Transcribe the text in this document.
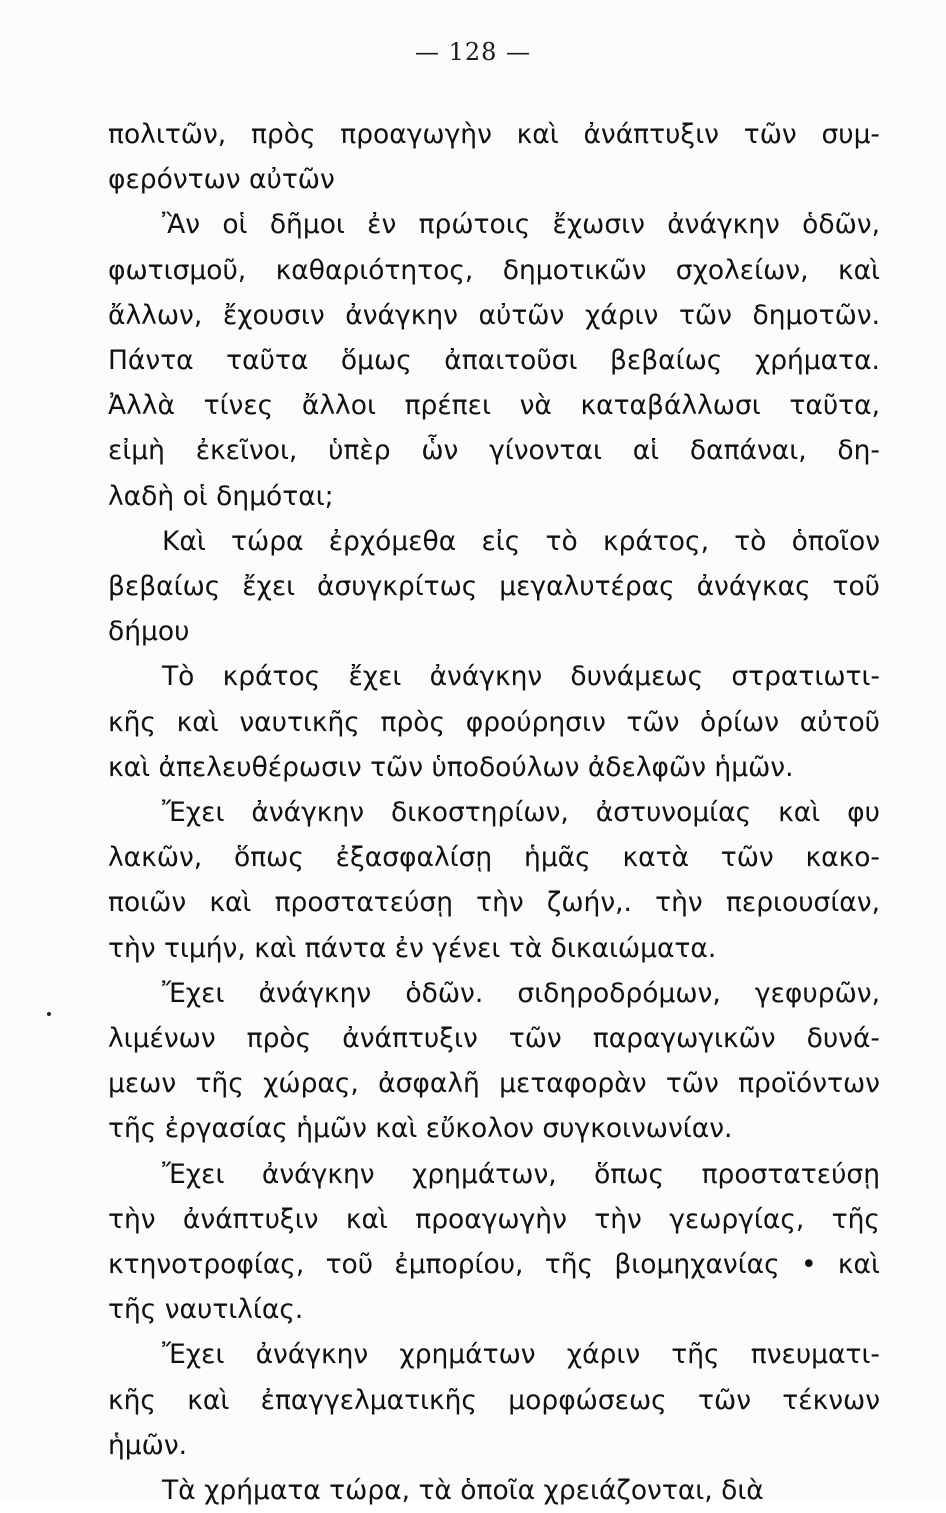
— 128 —
πολιτῶν, πρὸς προαγωγὴν καὶ ἀνάπτυξιν τῶν συμ-
φερόντων αὐτῶν
Ἂν οἱ δῆμοι ἐν πρώτοις ἔχωσιν ἀνάγκην ὁδῶν,
φωτισμοῦ, καθαριότητος, δημοτικῶν σχολείων, καὶ
ἄλλων, ἔχουσιν ἀνάγκην αὐτῶν χάριν τῶν δημοτῶν.
Πάντα ταῦτα ὅμως ἀπαιτοῦσι βεβαίως χρήματα.
Ἀλλὰ τίνες ἄλλοι πρέπει νὰ καταβάλλωσι ταῦτα,
εἰμὴ ἐκεῖνοι, ὑπὲρ ὧν γίνονται αἱ δαπάναι, δη-
λαδὴ οἱ δημόται;
Καὶ τώρα ἐρχόμεθα εἰς τὸ κράτος, τὸ ὁποῖον
βεβαίως ἔχει ἀσυγκρίτως μεγαλυτέρας ἀνάγκας τοῦ
δήμου
Τὸ κράτος ἔχει ἀνάγκην δυνάμεως στρατιωτι-
κῆς καὶ ναυτικῆς πρὸς φρούρησιν τῶν ὁρίων αὐτοῦ
καὶ ἀπελευθέρωσιν τῶν ὑποδούλων ἀδελφῶν ἡμῶν.
Ἔχει ἀνάγκην δικοστηρίων, ἀστυνομίας καὶ φυ
λακῶν, ὅπως ἐξασφαλίσῃ ἡμᾶς κατὰ τῶν κακο-
ποιῶν καὶ προστατεύσῃ τὴν ζωήν,. τὴν περιουσίαν,
τὴν τιμήν, καὶ πάντα ἐν γένει τὰ δικαιώματα.
Ἔχει ἀνάγκην ὁδῶν. σιδηροδρόμων, γεφυρῶν,
λιμένων πρὸς ἀνάπτυξιν τῶν παραγωγικῶν δυνά-
μεων τῆς χώρας, ἀσφαλῆ μεταφορὰν τῶν προϊόντων
τῆς ἐργασίας ἡμῶν καὶ εὔκολον συγκοινωνίαν.
Ἔχει ἀνάγκην χρημάτων, ὅπως προστατεύσῃ
τὴν ἀνάπτυξιν καὶ προαγωγὴν τὴν γεωργίας, τῆς
κτηνοτροφίας, τοῦ ἐμπορίου, τῆς βιομηχανίας • καὶ
τῆς ναυτιλίας.
Ἔχει ἀνάγκην χρημάτων χάριν τῆς πνευματι-
κῆς καὶ ἐπαγγελματικῆς μορφώσεως τῶν τέκνων
ἡμῶν.
Τὰ χρήματα τώρα, τὰ ὁποῖα χρειάζονται, διὰ
